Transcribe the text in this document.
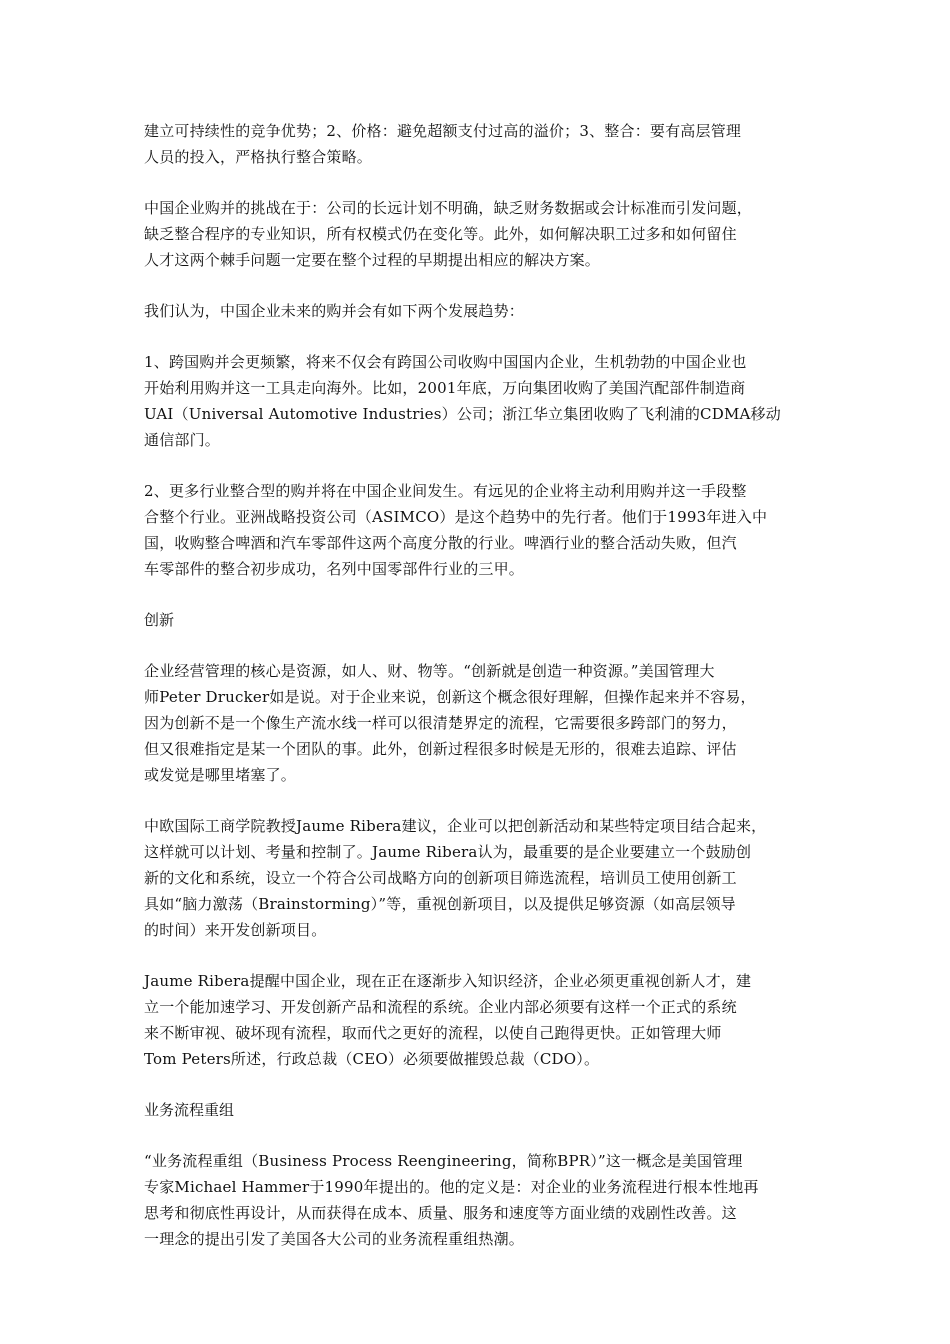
建立可持续性的竞争优势；2、价格：避免超额支付过高的溢价；3、整合：要有高层管理
人员的投入，严格执行整合策略。

中国企业购并的挑战在于：公司的长远计划不明确，缺乏财务数据或会计标准而引发问题，
缺乏整合程序的专业知识，所有权模式仍在变化等。此外，如何解决职工过多和如何留住
人才这两个棘手问题一定要在整个过程的早期提出相应的解决方案。

我们认为，中国企业未来的购并会有如下两个发展趋势：

1、跨国购并会更频繁，将来不仅会有跨国公司收购中国国内企业，生机勃勃的中国企业也
开始利用购并这一工具走向海外。比如，2001年底，万向集团收购了美国汽配部件制造商
UAI（Universal Automotive Industries）公司；浙江华立集团收购了飞利浦的CDMA移动
通信部门。

2、更多行业整合型的购并将在中国企业间发生。有远见的企业将主动利用购并这一手段整
合整个行业。亚洲战略投资公司（ASIMCO）是这个趋势中的先行者。他们于1993年进入中
国，收购整合啤酒和汽车零部件这两个高度分散的行业。啤酒行业的整合活动失败，但汽
车零部件的整合初步成功，名列中国零部件行业的三甲。

创新

企业经营管理的核心是资源，如人、财、物等。“创新就是创造一种资源。”美国管理大
师Peter Drucker如是说。对于企业来说，创新这个概念很好理解，但操作起来并不容易，
因为创新不是一个像生产流水线一样可以很清楚界定的流程，它需要很多跨部门的努力，
但又很难指定是某一个团队的事。此外，创新过程很多时候是无形的，很难去追踪、评估
或发觉是哪里堵塞了。

中欧国际工商学院教授Jaume Ribera建议，企业可以把创新活动和某些特定项目结合起来，
这样就可以计划、考量和控制了。Jaume Ribera认为，最重要的是企业要建立一个鼓励创
新的文化和系统，设立一个符合公司战略方向的创新项目筛选流程，培训员工使用创新工
具如“脑力激荡（Brainstorming）”等，重视创新项目，以及提供足够资源（如高层领导
的时间）来开发创新项目。

Jaume Ribera提醒中国企业，现在正在逐渐步入知识经济，企业必须更重视创新人才，建
立一个能加速学习、开发创新产品和流程的系统。企业内部必须要有这样一个正式的系统
来不断审视、破坏现有流程，取而代之更好的流程，以使自己跑得更快。正如管理大师
Tom Peters所述，行政总裁（CEO）必须要做摧毁总裁（CDO）。

业务流程重组

“业务流程重组（Business Process Reengineering，简称BPR）”这一概念是美国管理
专家Michael Hammer于1990年提出的。他的定义是：对企业的业务流程进行根本性地再
思考和彻底性再设计，从而获得在成本、质量、服务和速度等方面业绩的戏剧性改善。这
一理念的提出引发了美国各大公司的业务流程重组热潮。
